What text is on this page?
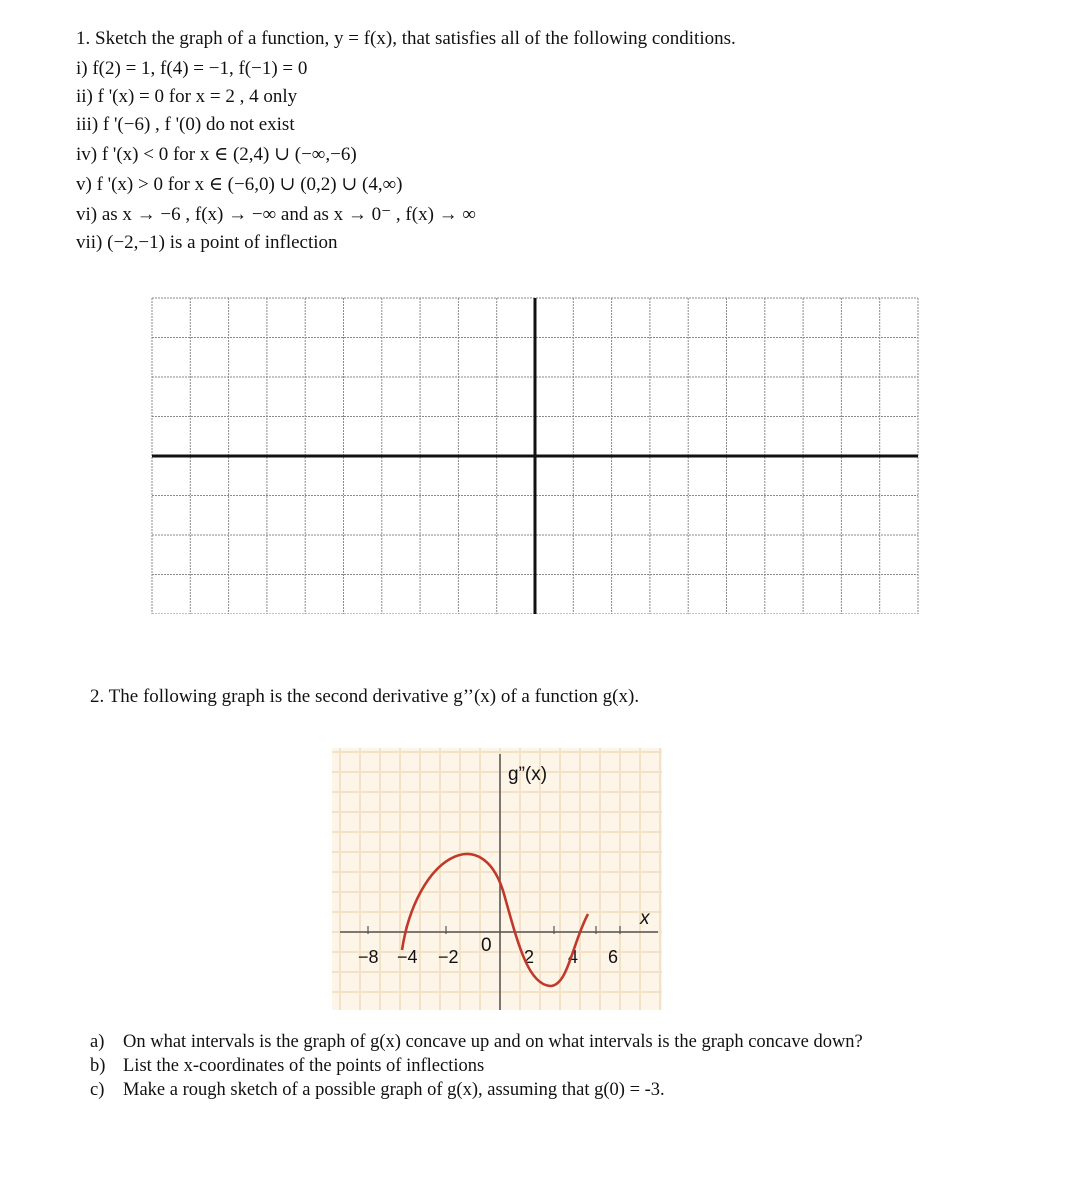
1. Sketch the graph of a function, y = f(x), that satisfies all of the following conditions.
i) f(2) = 1, f(4) = −1, f(−1) = 0
ii) f '(x) = 0 for x = 2 , 4 only
iii) f '(−6) , f '(0) do not exist
iv) f '(x) < 0 for x ∈ (2,4) ∪ (−∞,−6)
v) f '(x) > 0 for x ∈ (−6,0) ∪ (0,2) ∪ (4,∞)
vi) as x → −6 , f(x) → −∞ and as x → 0⁻ , f(x) → ∞
vii) (−2,−1) is a point of inflection
2. The following graph is the second derivative g’’(x) of a function g(x).
g”(x)
x
0
−8 −4 −2	2 4 6
a) On what intervals is the graph of g(x) concave up and on what intervals is the graph concave down?
b) List the x-coordinates of the points of inflections
c) Make a rough sketch of a possible graph of g(x), assuming that g(0) = -3.
